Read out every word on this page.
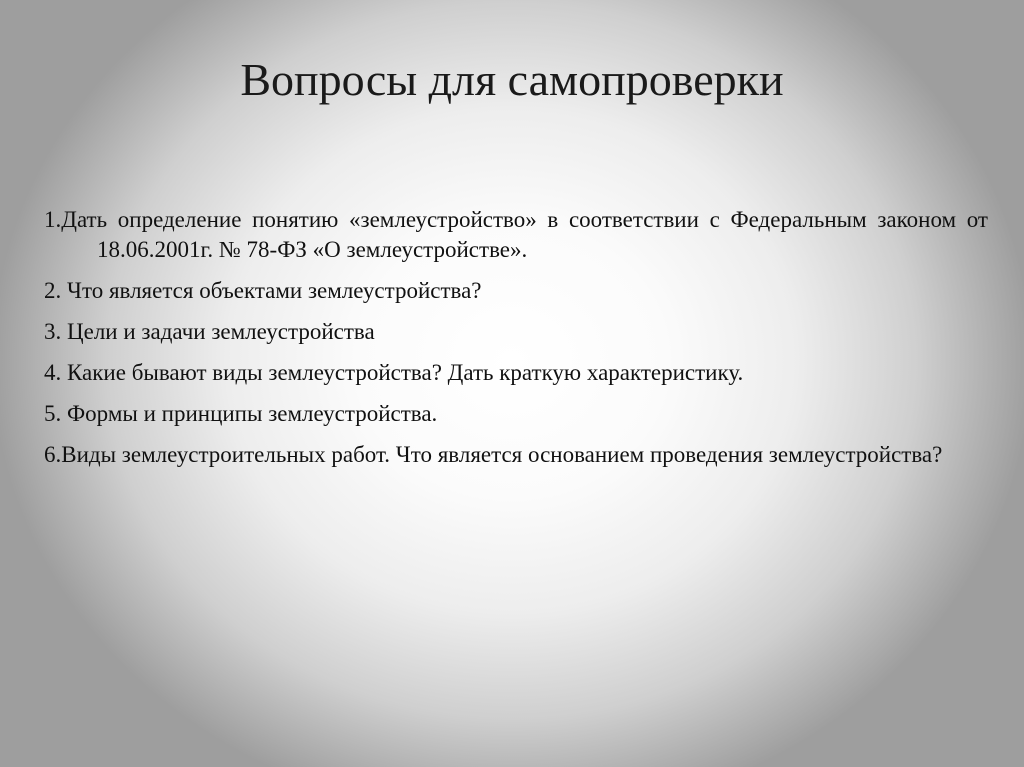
Вопросы для самопроверки
1.Дать определение понятию «землеустройство» в соответствии с Федеральным законом от 18.06.2001г. № 78-ФЗ «О землеустройстве».
2. Что является объектами землеустройства?
3. Цели и задачи землеустройства
4. Какие бывают виды землеустройства? Дать краткую характеристику.
5. Формы и принципы землеустройства.
6.Виды землеустроительных работ. Что является основанием проведения землеустройства?
